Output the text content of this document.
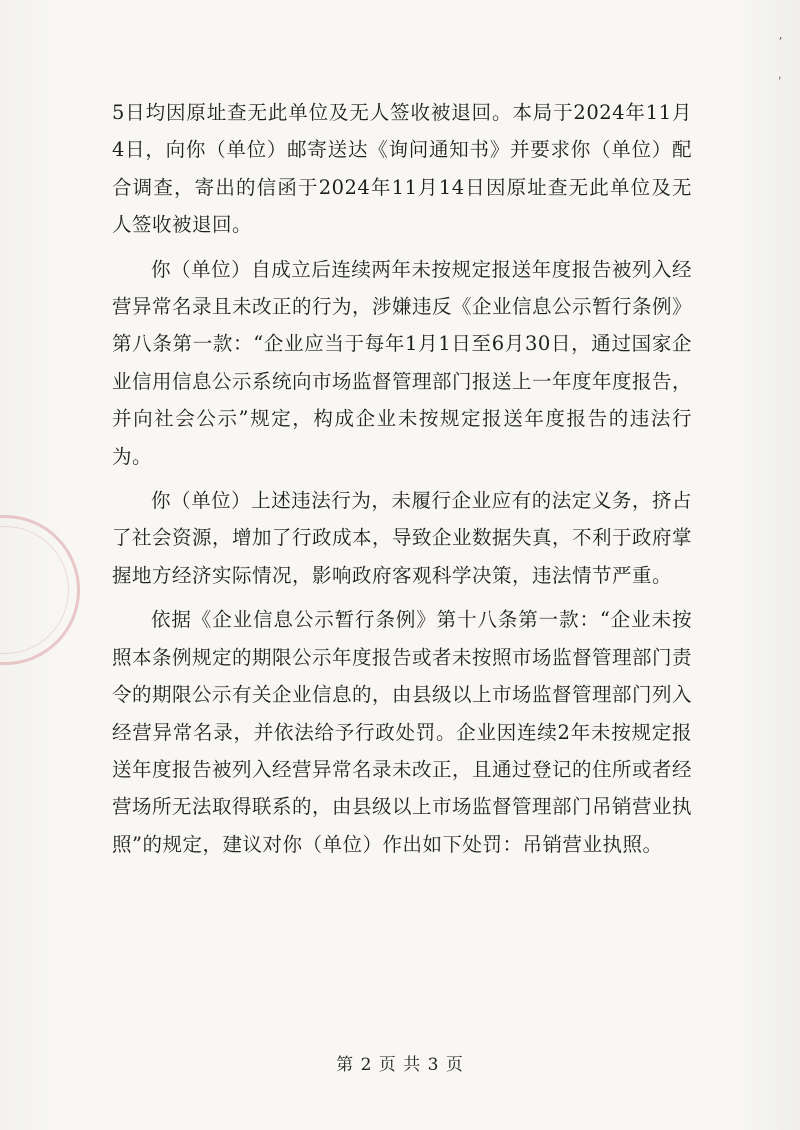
ʼ
ˈ

5日均因原址查无此单位及无人签收被退回。本局于2024年11月4日，向你（单位）邮寄送达《询问通知书》并要求你（单位）配合调查，寄出的信函于2024年11月14日因原址查无此单位及无人签收被退回。

你（单位）自成立后连续两年未按规定报送年度报告被列入经营异常名录且未改正的行为，涉嫌违反《企业信息公示暂行条例》第八条第一款：“企业应当于每年1月1日至6月30日，通过国家企业信用信息公示系统向市场监督管理部门报送上一年度年度报告，并向社会公示”规定，构成企业未按规定报送年度报告的违法行为。

你（单位）上述违法行为，未履行企业应有的法定义务，挤占了社会资源，增加了行政成本，导致企业数据失真，不利于政府掌握地方经济实际情况，影响政府客观科学决策，违法情节严重。

依据《企业信息公示暂行条例》第十八条第一款：“企业未按照本条例规定的期限公示年度报告或者未按照市场监督管理部门责令的期限公示有关企业信息的，由县级以上市场监督管理部门列入经营异常名录，并依法给予行政处罚。企业因连续2年未按规定报送年度报告被列入经营异常名录未改正，且通过登记的住所或者经营场所无法取得联系的，由县级以上市场监督管理部门吊销营业执照”的规定，建议对你（单位）作出如下处罚：吊销营业执照。

第 2 页 共 3 页
